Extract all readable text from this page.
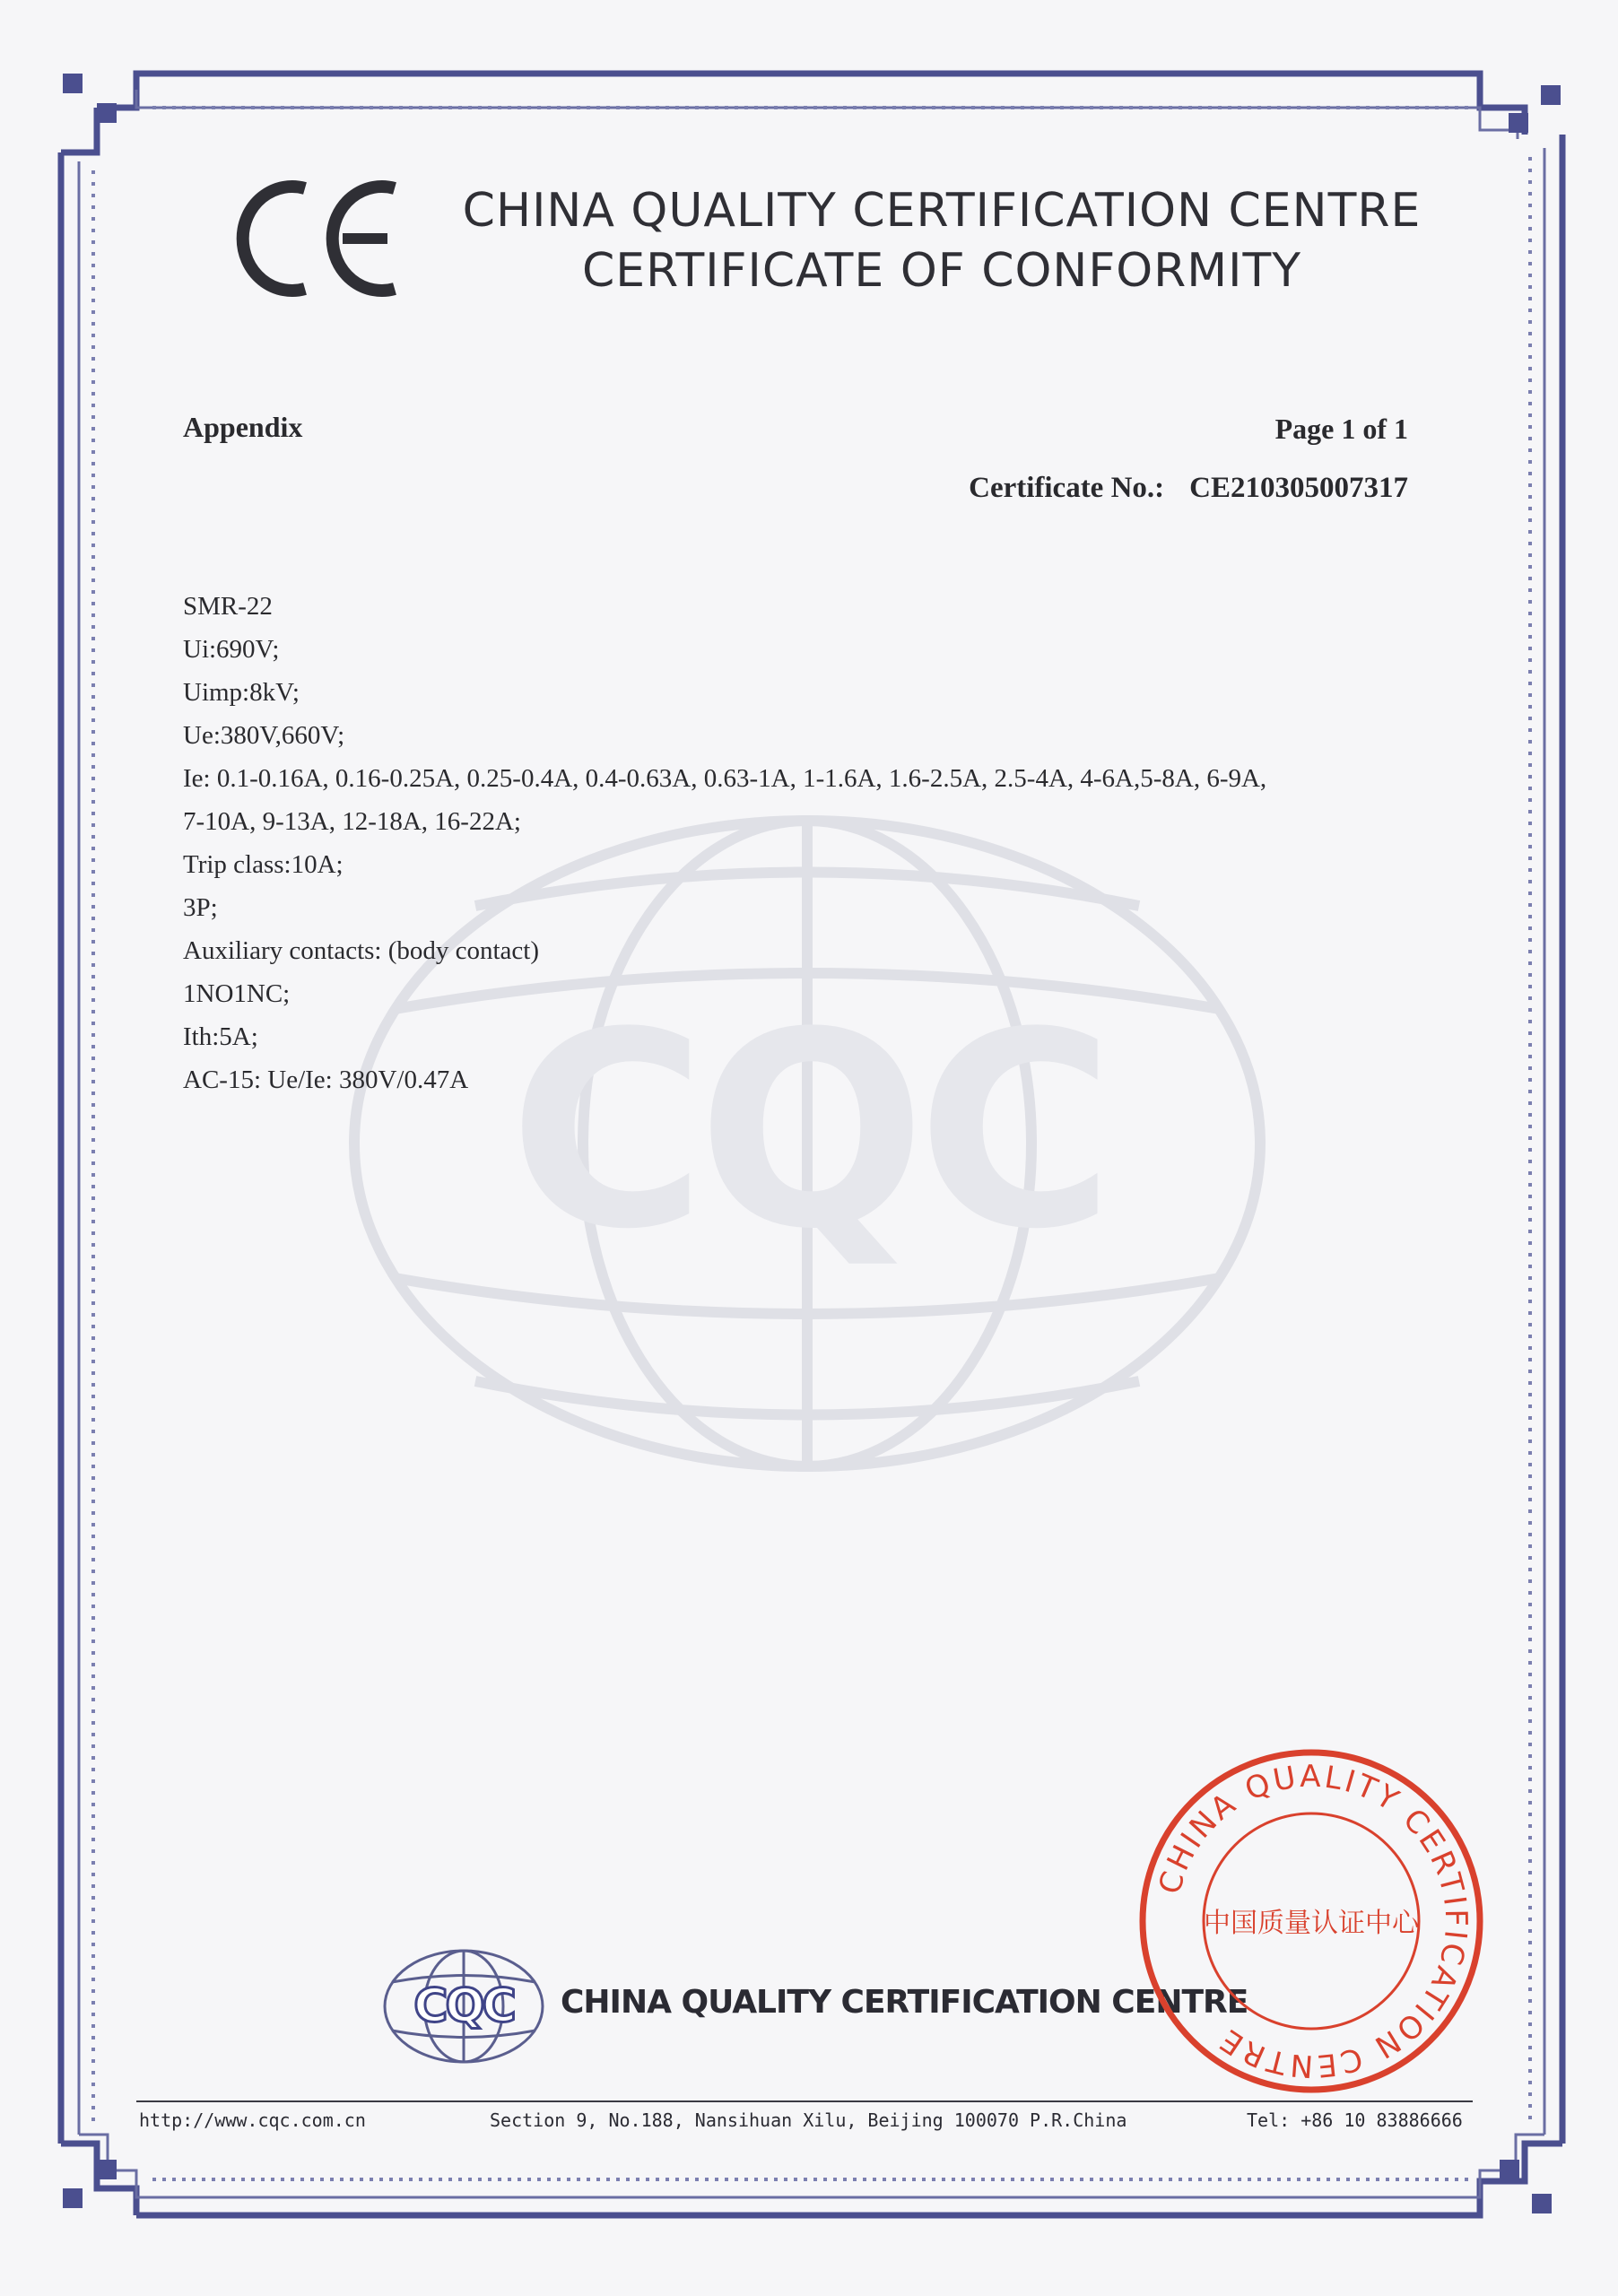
CQC
CHINA QUALITY CERTIFICATION CENTRE
CERTIFICATE OF CONFORMITY
Appendix	Page 1 of 1
Certificate No.: CE210305007317
SMR-22
Ui:690V;
Uimp:8kV;
Ue:380V,660V;
Ie: 0.1-0.16A, 0.16-0.25A, 0.25-0.4A, 0.4-0.63A, 0.63-1A, 1-1.6A, 1.6-2.5A, 2.5-4A, 4-6A,5-8A, 6-9A,
7-10A, 9-13A, 12-18A, 16-22A;
Trip class:10A;
3P;
Auxiliary contacts: (body contact)
1NO1NC;
Ith:5A;
AC-15: Ue/Ie: 380V/0.47A
CQC CHINA QUALITY CERTIFICATION CENTRE
CHINA QUALITY CERTIFICATION CENTRE
中国质量认证中心
http://www.cqc.com.cn	Section 9, No.188, Nansihuan Xilu, Beijing 100070 P.R.China	Tel: +86 10 83886666
